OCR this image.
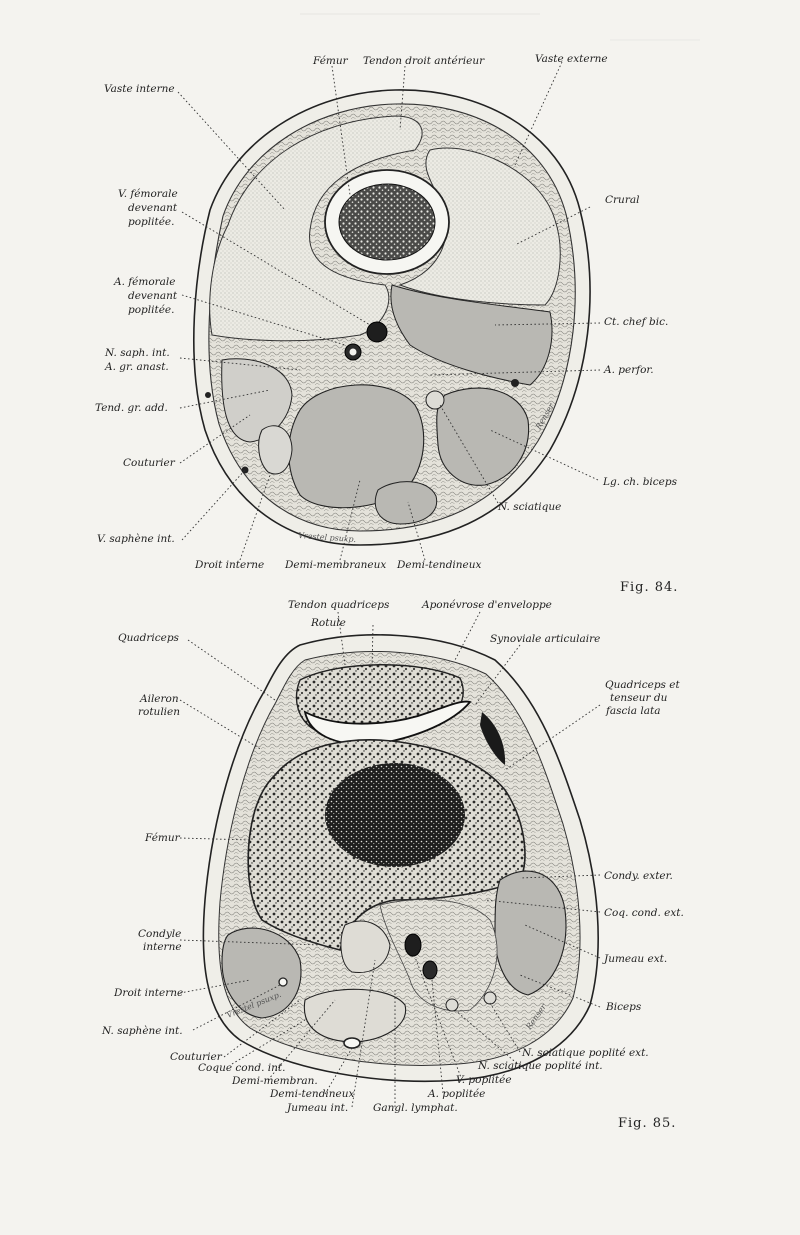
Vrestel psuxp.
Renser
Fémur Tendon droit antérieur	Vaste externe
Vaste interne
V. fémorale
devenant
poplitée.
Crural
A. fémorale
devenant
poplitée.
Ct. chef bic.
N. saph. int.
A. gr. anast.	A. perfor.
Tend. gr. add.
Couturier
Lg. ch. biceps
N. sciatique
V. saphène int.
Droit interne Demi-membraneux Demi-tendineux
Fig. 84.
Vrestel psuxp.	Renser
Tendon quadriceps	Aponévrose d'enveloppe
Rotule
Synoviale articulaire
Quadriceps
Quadriceps et
tenseur du
fascia lata
Aileron
rotulien
Fémur
Condy. exter.
Coq. cond. ext.
Condyle
interne
Jumeau ext.
Droit interne
Biceps
N. saphène int.
Couturier
Coque cond. int.
Demi-membran.
Demi-tendineux
Jumeau int. Gangl. lymphat.
A. poplitée
V. poplitée
N. sciatique poplité ext.
N. sciatique poplité int.
Fig. 85.
